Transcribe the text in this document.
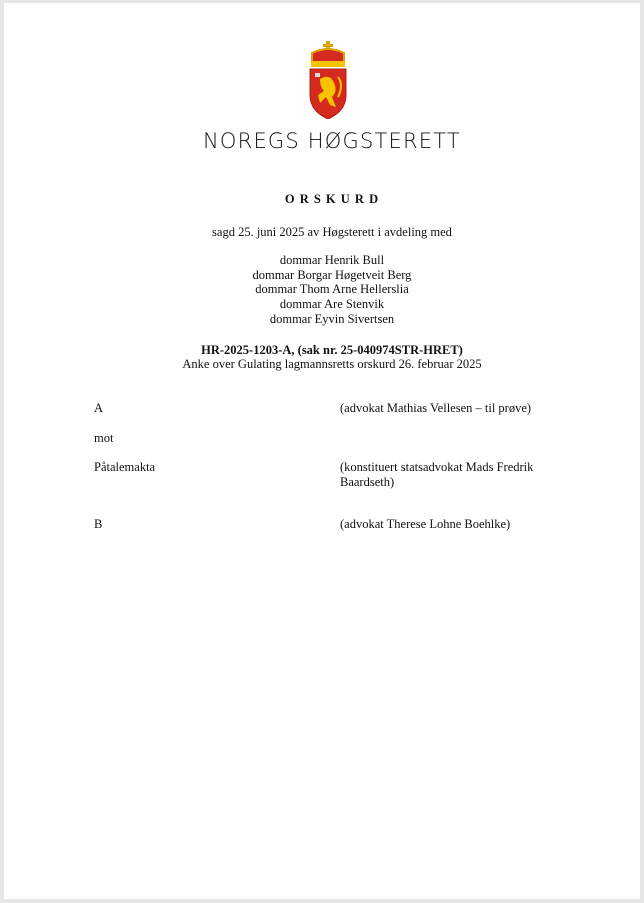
NOREGS HØGSTERETT
O R S K U R D
sagd 25. juni 2025 av Høgsterett i avdeling med
dommar Henrik Bull
dommar Borgar Høgetveit Berg
dommar Thom Arne Hellerslia
dommar Are Stenvik
dommar Eyvin Sivertsen
HR-2025-1203-A, (sak nr. 25-040974STR-HRET)
Anke over Gulating lagmannsretts orskurd 26. februar 2025
A	(advokat Mathias Vellesen – til prøve)
mot
Påtalemakta	(konstituert statsadvokat Mads Fredrik Baardseth)
B	(advokat Therese Lohne Boehlke)
